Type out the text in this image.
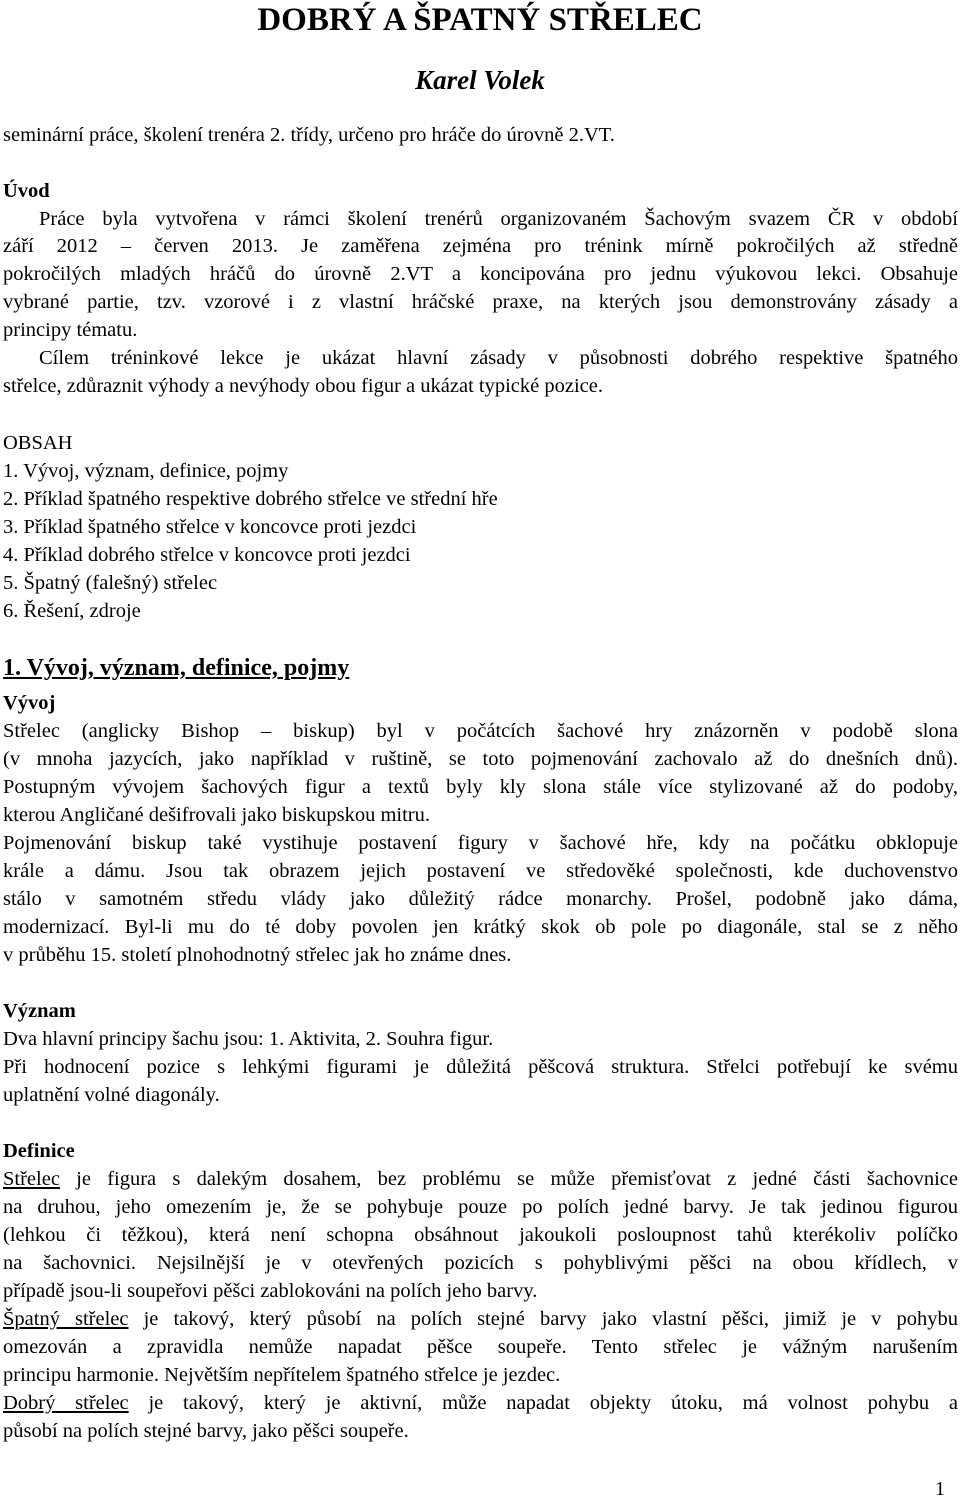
DOBRÝ A ŠPATNÝ STŘELEC
Karel Volek
seminární práce, školení trenéra 2. třídy, určeno pro hráče do úrovně 2.VT.
Úvod
Práce byla vytvořena v rámci školení trenérů organizovaném Šachovým svazem ČR v období
září 2012 – červen 2013. Je zaměřena zejména pro trénink mírně pokročilých až středně
pokročilých mladých hráčů do úrovně 2.VT a koncipována pro jednu výukovou lekci. Obsahuje
vybrané partie, tzv. vzorové i z vlastní hráčské praxe, na kterých jsou demonstrovány zásady a
principy tématu.
Cílem tréninkové lekce je ukázat hlavní zásady v působnosti dobrého respektive špatného
střelce, zdůraznit výhody a nevýhody obou figur a ukázat typické pozice.
OBSAH
1. Vývoj, význam, definice, pojmy
2. Příklad špatného respektive dobrého střelce ve střední hře
3. Příklad špatného střelce v koncovce proti jezdci
4. Příklad dobrého střelce v koncovce proti jezdci
5. Špatný (falešný) střelec
6. Řešení, zdroje
1. Vývoj, význam, definice, pojmy
Vývoj
Střelec (anglicky Bishop – biskup) byl v počátcích šachové hry znázorněn v podobě slona
(v mnoha jazycích, jako například v ruštině, se toto pojmenování zachovalo až do dnešních dnů).
Postupným vývojem šachových figur a textů byly kly slona stále více stylizované až do podoby,
kterou Angličané dešifrovali jako biskupskou mitru.
Pojmenování biskup také vystihuje postavení figury v šachové hře, kdy na počátku obklopuje
krále a dámu. Jsou tak obrazem jejich postavení ve středověké společnosti, kde duchovenstvo
stálo v samotném středu vlády jako důležitý rádce monarchy. Prošel, podobně jako dáma,
modernizací. Byl-li mu do té doby povolen jen krátký skok ob pole po diagonále, stal se z něho
v průběhu 15. století plnohodnotný střelec jak ho známe dnes.
Význam
Dva hlavní principy šachu jsou: 1. Aktivita, 2. Souhra figur.
Při hodnocení pozice s lehkými figurami je důležitá pěšcová struktura. Střelci potřebují ke svému
uplatnění volné diagonály.
Definice
Střelec je figura s dalekým dosahem, bez problému se může přemisťovat z jedné části šachovnice
na druhou, jeho omezením je, že se pohybuje pouze po polích jedné barvy. Je tak jedinou figurou
(lehkou či těžkou), která není schopna obsáhnout jakoukoli posloupnost tahů kterékoliv políčko
na šachovnici. Nejsilnější je v otevřených pozicích s pohyblivými pěšci na obou křídlech, v
případě jsou-li soupeřovi pěšci zablokováni na polích jeho barvy.
Špatný střelec je takový, který působí na polích stejné barvy jako vlastní pěšci, jimiž je v pohybu
omezován a zpravidla nemůže napadat pěšce soupeře. Tento střelec je vážným narušením
principu harmonie. Největším nepřítelem špatného střelce je jezdec.
Dobrý střelec je takový, který je aktivní, může napadat objekty útoku, má volnost pohybu a
působí na polích stejné barvy, jako pěšci soupeře.
1
